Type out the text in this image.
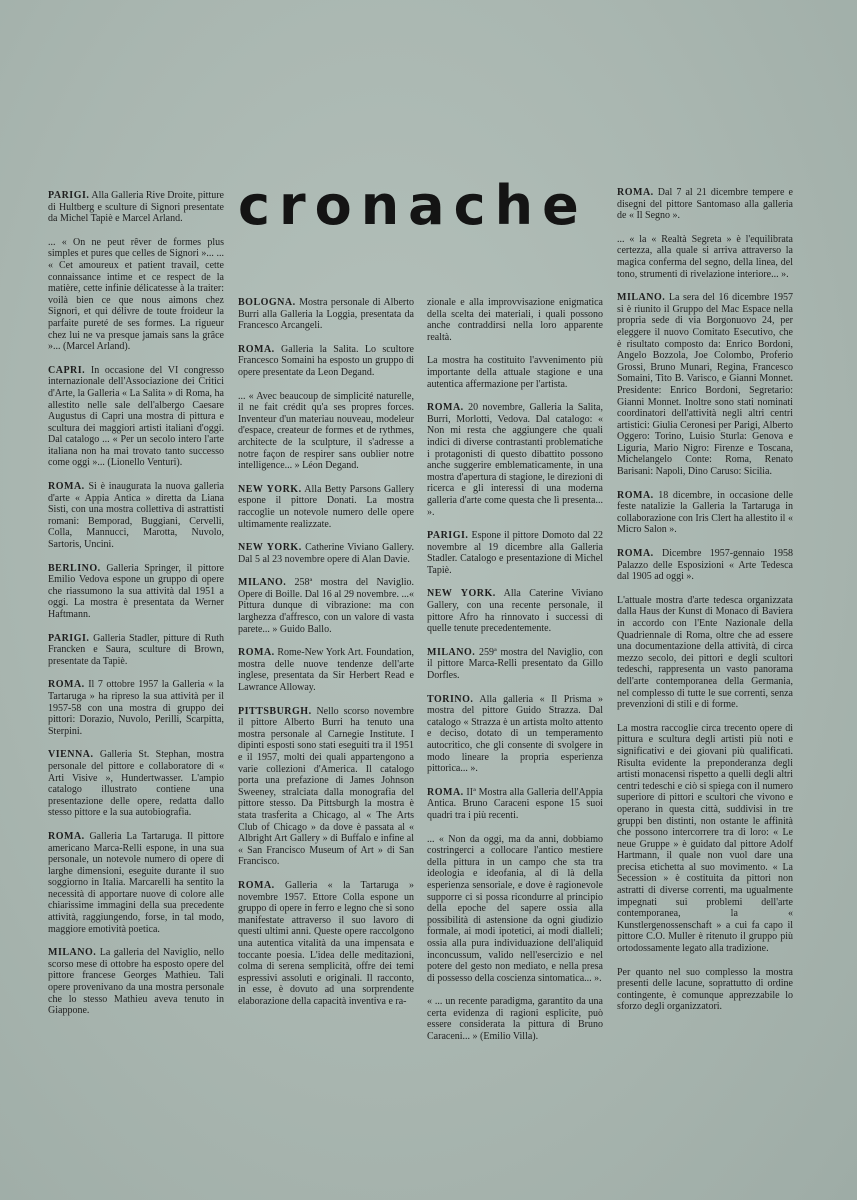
cronache

PARIGI. Alla Galleria Rive Droite, pitture di Hultberg e sculture di Signori presentate da Michel Tapiè e Marcel Arland.

... « On ne peut rêver de formes plus simples et pures que celles de Signori »... ... « Cet amoureux et patient travail, cette connaissance intime et ce respect de la matière, cette infinie délicatesse à la traiter: voilà bien ce que nous aimons chez Signori, et qui délivre de toute froideur la parfaite pureté de ses formes. La rigueur chez lui ne va presque jamais sans la grâce »... (Marcel Arland).

CAPRI. In occasione del VI congresso internazionale dell'Associazione dei Critici d'Arte, la Galleria « La Salita » di Roma, ha allestito nelle sale dell'albergo Caesare Augustus di Capri una mostra di pittura e scultura dei maggiori artisti italiani d'oggi. Dal catalogo ... « Per un secolo intero l'arte italiana non ha mai trovato tanto successo come oggi »... (Lionello Venturi).

ROMA. Si è inaugurata la nuova galleria d'arte « Appia Antica » diretta da Liana Sisti, con una mostra collettiva di astrattisti romani: Bemporad, Buggiani, Cervelli, Colla, Mannucci, Marotta, Nuvolo, Sartoris, Uncini.

BERLINO. Galleria Springer, il pittore Emilio Vedova espone un gruppo di opere che riassumono la sua attività dal 1951 a oggi. La mostra è presentata da Werner Haftmann.

PARIGI. Galleria Stadler, pitture di Ruth Francken e Saura, sculture di Brown, presentate da Tapiè.

ROMA. Il 7 ottobre 1957 la Galleria « la Tartaruga » ha ripreso la sua attività per il 1957-58 con una mostra di gruppo dei pittori: Dorazio, Nuvolo, Perilli, Scarpitta, Sterpini.

VIENNA. Galleria St. Stephan, mostra personale del pittore e collaboratore di « Arti Visive », Hundertwasser. L'ampio catalogo illustrato contiene una presentazione delle opere, redatta dallo stesso pittore e la sua autobiografia.

ROMA. Galleria La Tartaruga. Il pittore americano Marca-Relli espone, in una sua personale, un notevole numero di opere di larghe dimensioni, eseguite durante il suo soggiorno in Italia. Marcarelli ha sentito la necessità di apportare nuove di colore alle chiarissime immagini della sua precedente attività, raggiungendo, forse, in tal modo, maggiore emotività poetica.

MILANO. La galleria del Naviglio, nello scorso mese di ottobre ha esposto opere del pittore francese Georges Mathieu. Tali opere provenivano da una mostra personale che lo stesso Mathieu aveva tenuto in Giappone.

BOLOGNA. Mostra personale di Alberto Burri alla Galleria la Loggia, presentata da Francesco Arcangeli.

ROMA. Galleria la Salita. Lo scultore Francesco Somaini ha esposto un gruppo di opere presentate da Leon Degand.

... « Avec beaucoup de simplicité naturelle, il ne fait crédit qu'a ses propres forces. Inventeur d'un materiau nouveau, modeleur d'espace, createur de formes et de rythmes, architecte de la sculpture, il s'adresse a notre façon de respirer sans oublier notre intelligence... » Léon Degand.

NEW YORK. Alla Betty Parsons Gallery espone il pittore Donati. La mostra raccoglie un notevole numero delle opere ultimamente realizzate.

NEW YORK. Catherine Viviano Gallery. Dal 5 al 23 novembre opere di Alan Davie.

MILANO. 258ª mostra del Naviglio. Opere di Boille. Dal 16 al 29 novembre. ...« Pittura dunque di vibrazione: ma con larghezza d'affresco, con un valore di vasta parete... » Guido Ballo.

ROMA. Rome-New York Art. Foundation, mostra delle nuove tendenze dell'arte inglese, presentata da Sir Herbert Read e Lawrance Alloway.

PITTSBURGH. Nello scorso novembre il pittore Alberto Burri ha tenuto una mostra personale al Carnegie Institute. I dipinti esposti sono stati eseguiti tra il 1951 e il 1957, molti dei quali appartengono a varie collezioni d'America. Il catalogo porta una prefazione di James Johnson Sweeney, stralciata dalla monografia del pittore stesso. Da Pittsburgh la mostra è stata trasferita a Chicago, al « The Arts Club of Chicago » da dove è passata al « Albright Art Gallery » di Buffalo e infine al « San Francisco Museum of Art » di San Francisco.

ROMA. Galleria « la Tartaruga » novembre 1957. Ettore Colla espone un gruppo di opere in ferro e legno che si sono manifestate attraverso il suo lavoro di questi ultimi anni. Queste opere raccolgono una autentica vitalità da una impensata e toccante poesia. L'idea delle meditazioni, colma di serena semplicità, offre dei temi espressivi assoluti e originali. Il racconto, in esse, è dovuto ad una sorprendente elaborazione della capacità inventiva e ra-

zionale e alla improvvisazione enigmatica della scelta dei materiali, i quali possono anche contraddirsi nella loro apparente realtà.

La mostra ha costituito l'avvenimento più importante della attuale stagione e una autentica affermazione per l'artista.

ROMA. 20 novembre, Galleria la Salita, Burri, Morlotti, Vedova. Dal catalogo: « Non mi resta che aggiungere che quali indici di diverse contrastanti problematiche i protagonisti di questo dibattito possono anche suggerire emblematicamente, in una mostra d'apertura di stagione, le direzioni di ricerca e gli interessi di una moderna galleria d'arte come questa che lì presenta... ».

PARIGI. Espone il pittore Domoto dal 22 novembre al 19 dicembre alla Galleria Stadler. Catalogo e presentazione di Michel Tapiè.

NEW YORK. Alla Caterine Viviano Gallery, con una recente personale, il pittore Afro ha rinnovato i successi di quelle tenute precedentemente.

MILANO. 259ª mostra del Naviglio, con il pittore Marca-Relli presentato da Gillo Dorfles.

TORINO. Alla galleria « Il Prisma » mostra del pittore Guido Strazza. Dal catalogo « Strazza è un artista molto attento e deciso, dotato di un temperamento autocritico, che gli consente di svolgere in modo lineare la propria esperienza pittorica... ».

ROMA. IIª Mostra alla Galleria dell'Appia Antica. Bruno Caraceni espone 15 suoi quadri tra i più recenti.

... « Non da oggi, ma da anni, dobbiamo costringerci a collocare l'antico mestiere della pittura in un campo che sta tra ideologia e ideofania, al di là della esperienza sensoriale, e dove è ragionevole supporre ci si possa ricondurre al principio della epoche del sapere ossia alla possibilità di astensione da ogni giudizio formale, ai modi ipotetici, ai modi dialleli; ossia alla pura individuazione dell'aliquid inconcussum, valido nell'esercizio e nel potere del gesto non mediato, e nella presa di possesso della coscienza sintomatica... ».

« ... un recente paradigma, garantito da una certa evidenza di ragioni esplicite, può essere considerata la pittura di Bruno Caraceni... » (Emilio Villa).

ROMA. Dal 7 al 21 dicembre tempere e disegni del pittore Santomaso alla galleria de « Il Segno ».

... « la « Realtà Segreta » è l'equilibrata certezza, alla quale si arriva attraverso la magica conferma del segno, della linea, del tono, strumenti di rivelazione interiore... ».

MILANO. La sera del 16 dicembre 1957 si è riunito il Gruppo del Mac Espace nella propria sede di via Borgonuovo 24, per eleggere il nuovo Comitato Esecutivo, che è risultato composto da: Enrico Bordoni, Angelo Bozzola, Joe Colombo, Proferio Grossi, Bruno Munari, Regina, Francesco Somaini, Tito B. Varisco, e Gianni Monnet. Presidente: Enrico Bordoni, Segretario: Gianni Monnet. Inoltre sono stati nominati coordinatori dell'attività negli altri centri artistici: Giulia Ceronesi per Parigi, Alberto Oggero: Torino, Luisio Sturla: Genova e Liguria, Mario Nigro: Firenze e Toscana, Michelangelo Conte: Roma, Renato Barisani: Napoli, Dino Caruso: Sicilia.

ROMA. 18 dicembre, in occasione delle feste natalizie la Galleria la Tartaruga in collaborazione con Iris Clert ha allestito il « Micro Salon ».

ROMA. Dicembre 1957-gennaio 1958 Palazzo delle Esposizioni « Arte Tedesca dal 1905 ad oggi ».

L'attuale mostra d'arte tedesca organizzata dalla Haus der Kunst di Monaco di Baviera in accordo con l'Ente Nazionale della Quadriennale di Roma, oltre che ad essere una documentazione della attività, di circa mezzo secolo, dei pittori e degli scultori tedeschi, rappresenta un vasto panorama dell'arte contemporanea della Germania, nel complesso di tutte le sue correnti, senza prevenzioni di stili e di forme.

La mostra raccoglie circa trecento opere di pittura e scultura degli artisti più noti e significativi e dei giovani più qualificati. Risulta evidente la preponderanza degli artisti monacensi rispetto a quelli degli altri centri tedeschi e ciò si spiega con il numero superiore di pittori e scultori che vivono e operano in questa città, suddivisi in tre gruppi ben distinti, non ostante le affinità che possono intercorrere tra di loro: « Le neue Gruppe » è guidato dal pittore Adolf Hartmann, il quale non vuol dare una precisa etichetta al suo movimento. « La Secession » è costituita da pittori non astratti di diverse correnti, ma ugualmente impegnati sui problemi dell'arte contemporanea, la « Kunstlergenossenschaft » a cui fa capo il pittore C.O. Muller è ritenuto il gruppo più ortodossamente legato alla tradizione.

Per quanto nel suo complesso la mostra presenti delle lacune, soprattutto di ordine contingente, è comunque apprezzabile lo sforzo degli organizzatori.
